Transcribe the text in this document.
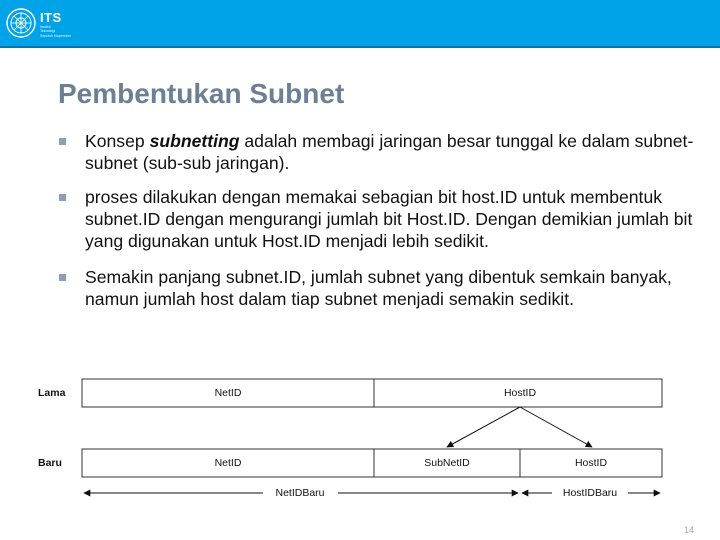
ITS
Institut
Teknologi
Sepuluh Nopember
Pembentukan Subnet
Konsep subnetting adalah membagi jaringan besar tunggal ke dalam subnet-subnet (sub-sub jaringan).
proses dilakukan dengan memakai sebagian bit host.ID untuk membentuk subnet.ID dengan mengurangi jumlah bit Host.ID. Dengan demikian jumlah bit yang digunakan untuk Host.ID menjadi lebih sedikit.
Semakin panjang subnet.ID, jumlah subnet yang dibentuk semkain banyak, namun jumlah host dalam tiap subnet menjadi semakin sedikit.
Lama	NetID	HostID
Baru	NetID	SubNetID	HostID
NetIDBaru	HostIDBaru
14
